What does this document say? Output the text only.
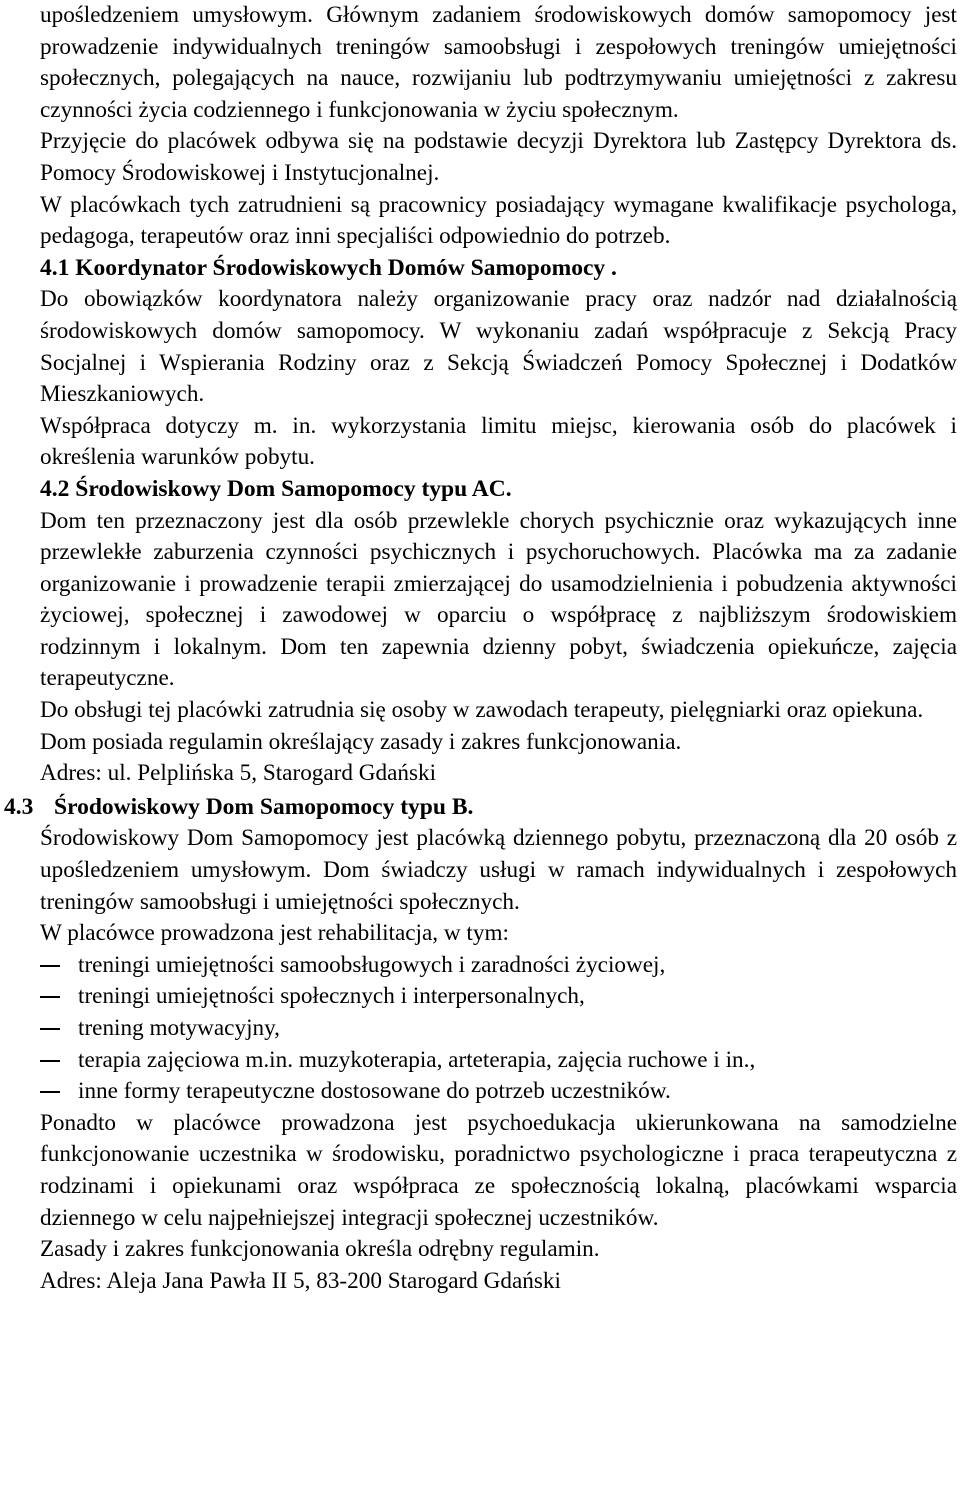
upośledzeniem umysłowym. Głównym zadaniem środowiskowych domów samopomocy jest prowadzenie indywidualnych treningów samoobsługi i zespołowych treningów umiejętności społecznych, polegających na nauce, rozwijaniu lub podtrzymywaniu umiejętności z zakresu czynności życia codziennego i funkcjonowania w życiu społecznym.

Przyjęcie do placówek odbywa się na podstawie decyzji Dyrektora lub Zastępcy Dyrektora ds. Pomocy Środowiskowej i Instytucjonalnej.

W placówkach tych zatrudnieni są pracownicy posiadający wymagane kwalifikacje psychologa, pedagoga, terapeutów oraz inni specjaliści odpowiednio do potrzeb.

4.1 Koordynator Środowiskowych Domów Samopomocy .

Do obowiązków koordynatora należy organizowanie pracy oraz nadzór nad działalnością środowiskowych domów samopomocy. W wykonaniu zadań współpracuje z Sekcją Pracy Socjalnej i Wspierania Rodziny oraz z Sekcją Świadczeń Pomocy Społecznej i Dodatków Mieszkaniowych.

Współpraca dotyczy m. in. wykorzystania limitu miejsc, kierowania osób do placówek i określenia warunków pobytu.

4.2 Środowiskowy Dom Samopomocy typu AC.

Dom ten przeznaczony jest dla osób przewlekle chorych psychicznie oraz wykazujących inne przewlekłe zaburzenia czynności psychicznych i psychoruchowych. Placówka ma za zadanie organizowanie i prowadzenie terapii zmierzającej do usamodzielnienia i pobudzenia aktywności życiowej, społecznej i zawodowej w oparciu o współpracę z najbliższym środowiskiem rodzinnym i lokalnym. Dom ten zapewnia dzienny pobyt, świadczenia opiekuńcze, zajęcia terapeutyczne.

Do obsługi tej placówki zatrudnia się osoby w zawodach terapeuty, pielęgniarki oraz opiekuna.

Dom posiada regulamin określający zasady i zakres funkcjonowania.

Adres: ul. Pelplińska 5, Starogard Gdański

4.3 Środowiskowy Dom Samopomocy typu B.

Środowiskowy Dom Samopomocy jest placówką dziennego pobytu, przeznaczoną dla 20 osób z upośledzeniem umysłowym. Dom świadczy usługi w ramach indywidualnych i zespołowych treningów samoobsługi i umiejętności społecznych.

W placówce prowadzona jest rehabilitacja, w tym:

treningi umiejętności samoobsługowych i zaradności życiowej,
treningi umiejętności społecznych i interpersonalnych,
trening motywacyjny,
terapia zajęciowa m.in. muzykoterapia, arteterapia, zajęcia ruchowe i in.,
inne formy terapeutyczne dostosowane do potrzeb uczestników.

Ponadto w placówce prowadzona jest psychoedukacja ukierunkowana na samodzielne funkcjonowanie uczestnika w środowisku, poradnictwo psychologiczne i praca terapeutyczna z rodzinami i opiekunami oraz współpraca ze społecznością lokalną, placówkami wsparcia dziennego w celu najpełniejszej integracji społecznej uczestników.

Zasady i zakres funkcjonowania określa odrębny regulamin.

Adres: Aleja Jana Pawła II 5, 83-200 Starogard Gdański
